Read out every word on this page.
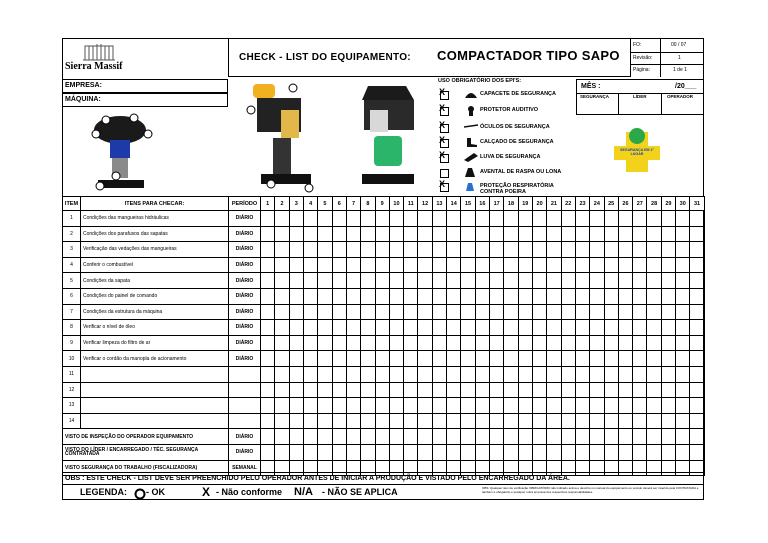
Sierra Massif
CHECK - LIST DO EQUIPAMENTO: COMPACTADOR TIPO SAPO
FO:	00 / 07
Revisão:	1
Página:	1 de 1
EMPRESA:
MÁQUINA:
USO OBRIGATÓRIO DOS EPI'S:
X	CAPACETE DE SEGURANÇA
X	PROTETOR AUDITIVO
X	ÓCULOS DE SEGURANÇA
X	CALÇADO DE SEGURANÇA
X	LUVA DE SEGURANÇA
AVENTAL DE RASPA OU LONA
X	PROTEÇÃO RESPIRATÓRIA CONTRA POEIRA
MÊS :	/20___
SEGURANÇA	LÍDER	OPERADOR
SEGURANÇA EM 1º LUGAR
ITEM	ITENS PARA CHECAR:	PERÍODO	1	2	3	4	5	6	7	8	9	10	11	12	13	14	15	16	17	18	19	20	21	22	23	24	25	26	27	28	29	30	31
1	Condições das mangueiras hidráulicas	DIÁRIO																															
2	Condições dos parafusos das sapatas	DIÁRIO																															
3	Verificação das vedações das mangueiras	DIÁRIO																															
4	Conferir o combustível	DIÁRIO																															
5	Condições da sapata	DIÁRIO																															
6	Condições do painel de comando	DIÁRIO																															
7	Condições da estrutura da máquina	DIÁRIO																															
8	Verificar o nível de óleo	DIÁRIO																															
9	Verificar limpeza do filtro de ar	DIÁRIO																															
10	Verificar o cordão da manopla de acionamento	DIÁRIO																															
11																																	
12																																	
13																																	
14																																	
VISTO DE INSPEÇÃO DO OPERADOR EQUIPAMENTO		DIÁRIO																															
VISTO DO LÍDER / ENCARREGADO / TÉC. SEGURANÇA CONTRATADA		DIÁRIO																															
VISTO SEGURANÇA DO TRABALHO (FISCALIZADORA)		SEMANAL																															
OBS : ESTE CHECK - LIST DEVE SER PREENCHIDO PELO OPERADOR ANTES DE INICIAR A PRODUÇÃO E VISTADO PELO ENCARREGADO DA ÁREA.
LEGENDA: - OK	X - Não conforme N/A - NÃO SE APLICA	OBS: Qualquer item de verificação OBRIGATÓRIO não indicado acima e descrito no manual do equipamento ou veículo deverá ser inserido pela CONTRATADA e também é obrigatório e qualquer outra empresa dos respectivos responsabilidades.
